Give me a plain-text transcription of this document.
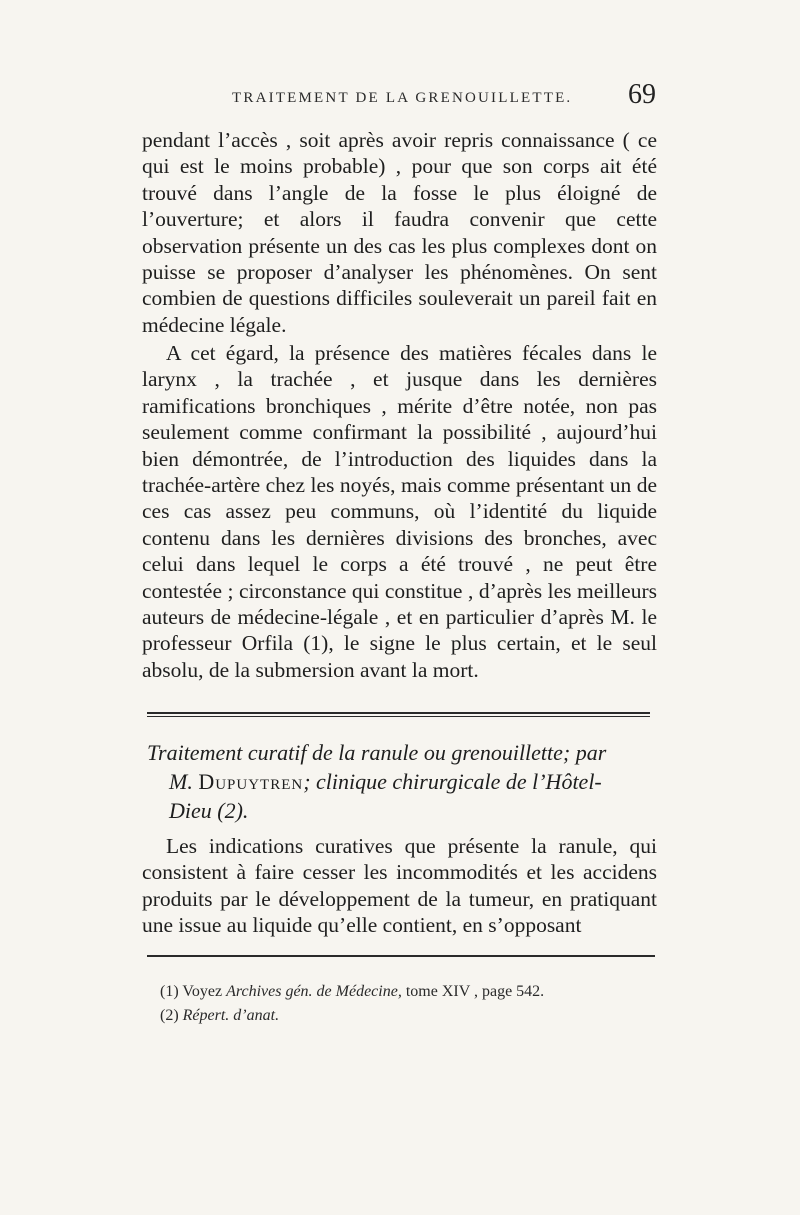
TRAITEMENT DE LA GRENOUILLETTE. 69
pendant l’accès , soit après avoir repris connaissance ( ce qui est le moins probable) , pour que son corps ait été trouvé dans l’angle de la fosse le plus éloigné de l’ouverture; et alors il faudra convenir que cette observation présente un des cas les plus complexes dont on puisse se proposer d’analyser les phénomènes. On sent combien de questions difficiles souleverait un pareil fait en médecine légale.
A cet égard, la présence des matières fécales dans le larynx , la trachée , et jusque dans les dernières ramifications bronchiques , mérite d’être notée, non pas seulement comme confirmant la possibilité , aujourd’hui bien démontrée, de l’introduction des liquides dans la trachée-artère chez les noyés, mais comme présentant un de ces cas assez peu communs, où l’identité du liquide contenu dans les dernières divisions des bronches, avec celui dans lequel le corps a été trouvé , ne peut être contestée ; circonstance qui constitue , d’après les meilleurs auteurs de médecine-légale , et en particulier d’après M. le professeur Orfila (1), le signe le plus certain, et le seul absolu, de la submersion avant la mort.
Traitement curatif de la ranule ou grenouillette; par
M. Dupuytren; clinique chirurgicale de l’Hôtel-
Dieu (2).
Les indications curatives que présente la ranule, qui consistent à faire cesser les incommodités et les accidens produits par le développement de la tumeur, en pratiquant une issue au liquide qu’elle contient, en s’opposant
(1) Voyez Archives gén. de Médecine, tome XIV , page 542.
(2) Répert. d’anat.
